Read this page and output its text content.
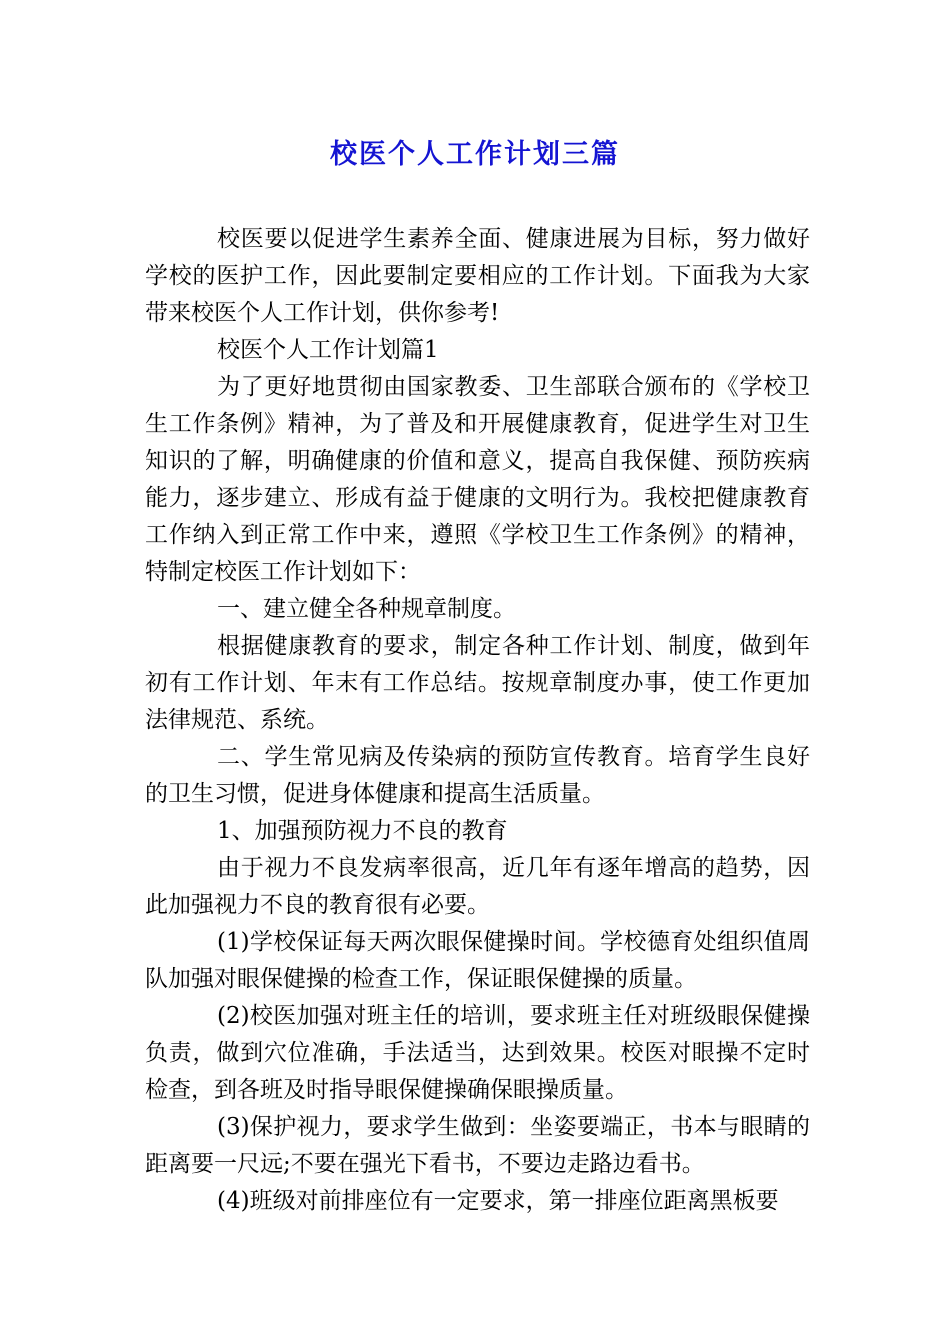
校医个人工作计划三篇

校医要以促进学生素养全面、健康进展为目标，努力做好学校的医护工作，因此要制定要相应的工作计划。下面我为大家带来校医个人工作计划，供你参考!

校医个人工作计划篇1

为了更好地贯彻由国家教委、卫生部联合颁布的《学校卫生工作条例》精神，为了普及和开展健康教育，促进学生对卫生知识的了解，明确健康的价值和意义，提高自我保健、预防疾病能力，逐步建立、形成有益于健康的文明行为。我校把健康教育工作纳入到正常工作中来，遵照《学校卫生工作条例》的精神，特制定校医工作计划如下：

一、建立健全各种规章制度。

根据健康教育的要求，制定各种工作计划、制度，做到年初有工作计划、年末有工作总结。按规章制度办事，使工作更加法律规范、系统。

二、学生常见病及传染病的预防宣传教育。培育学生良好的卫生习惯，促进身体健康和提高生活质量。

1、加强预防视力不良的教育

由于视力不良发病率很高，近几年有逐年增高的趋势，因此加强视力不良的教育很有必要。

(1)学校保证每天两次眼保健操时间。学校德育处组织值周队加强对眼保健操的检查工作，保证眼保健操的质量。

(2)校医加强对班主任的培训，要求班主任对班级眼保健操负责，做到穴位准确，手法适当，达到效果。校医对眼操不定时检查，到各班及时指导眼保健操确保眼操质量。

(3)保护视力，要求学生做到：坐姿要端正，书本与眼睛的距离要一尺远;不要在强光下看书，不要边走路边看书。

(4)班级对前排座位有一定要求，第一排座位距离黑板要
